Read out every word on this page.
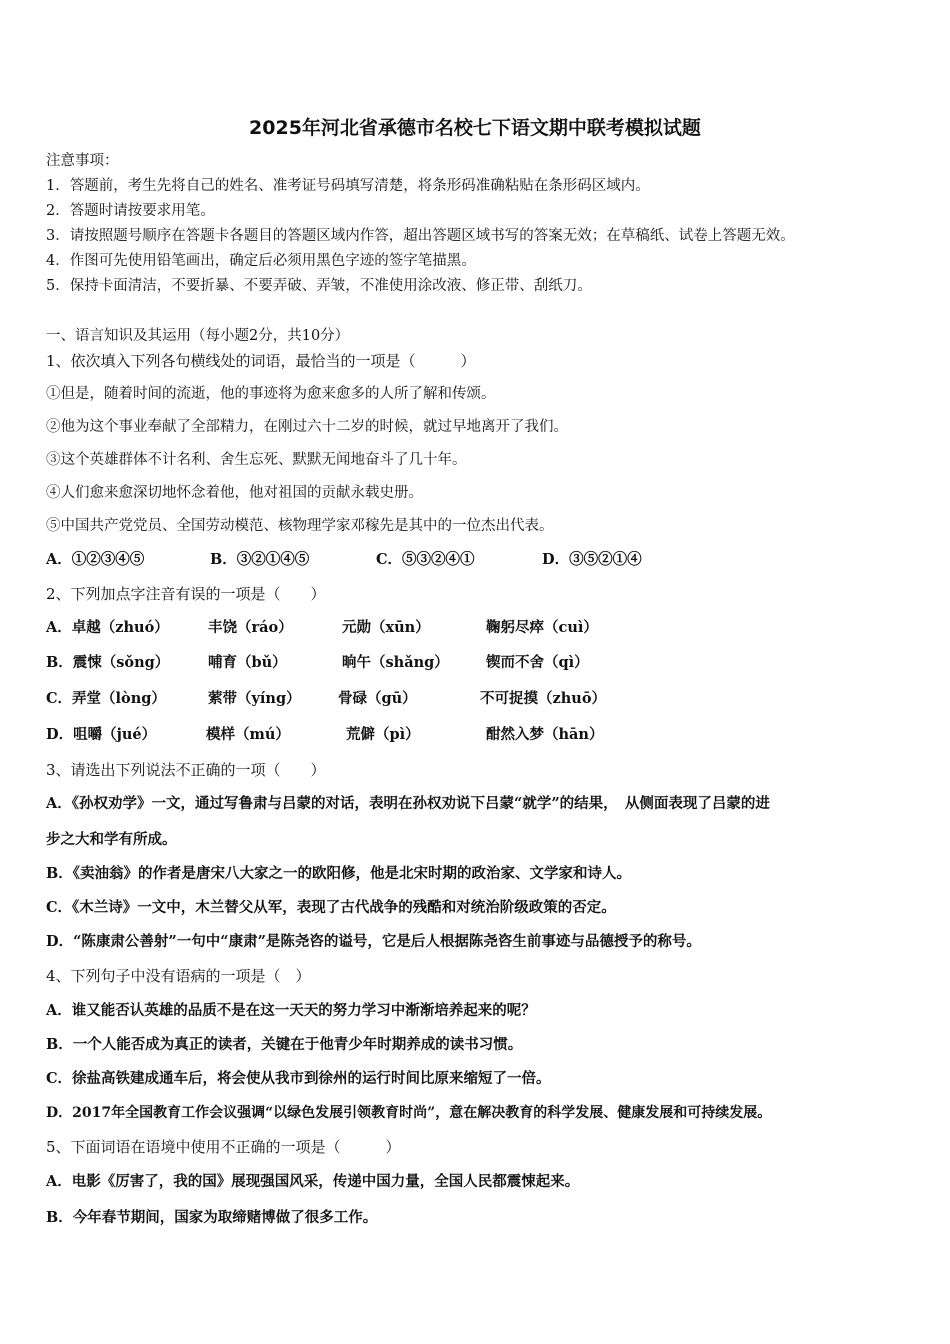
2025年河北省承德市名校七下语文期中联考模拟试题
注意事项：
1．答题前，考生先将自己的姓名、准考证号码填写清楚，将条形码准确粘贴在条形码区域内。
2．答题时请按要求用笔。
3．请按照题号顺序在答题卡各题目的答题区域内作答，超出答题区域书写的答案无效；在草稿纸、试卷上答题无效。
4．作图可先使用铅笔画出，确定后必须用黑色字迹的签字笔描黑。
5．保持卡面清洁，不要折暴、不要弄破、弄皱，不准使用涂改液、修正带、刮纸刀。
一、语言知识及其运用（每小题2分，共10分）
1、依次填入下列各句横线处的词语，最恰当的一项是（　　　）
①但是，随着时间的流逝，他的事迹将为愈来愈多的人所了解和传颂。
②他为这个事业奉献了全部精力，在刚过六十二岁的时候，就过早地离开了我们。
③这个英雄群体不计名利、舍生忘死、默默无闻地奋斗了几十年。
④人们愈来愈深切地怀念着他，他对祖国的贡献永载史册。
⑤中国共产党党员、全国劳动模范、核物理学家邓稼先是其中的一位杰出代表。
A．①②③④⑤	B．③②①④⑤	C．⑤③②④①	D．③⑤②①④
2、下列加点字注音有误的一项是（　　）
A．卓越（zhuó）	丰饶（ráo）	元勋（xūn）	鞠躬尽瘁（cuì）
B．震悚（sǒng）	哺育（bǔ）	晌午（shǎng）	锲而不舍（qì）
C．弄堂（lòng）	萦带（yíng）	骨碌（gū）	不可捉摸（zhuō）
D．咀嚼（jué）	模样（mú）	荒僻（pì）	酣然入梦（hān）
3、请选出下列说法不正确的一项（　　）
A．《孙权劝学》一文，通过写鲁肃与吕蒙的对话，表明在孙权劝说下吕蒙“就学”的结果，　从侧面表现了吕蒙的进
步之大和学有所成。
B．《卖油翁》的作者是唐宋八大家之一的欧阳修，他是北宋时期的政治家、文学家和诗人。
C．《木兰诗》一文中，木兰替父从军，表现了古代战争的残酷和对统治阶级政策的否定。
D．“陈康肃公善射”一句中“康肃”是陈尧咨的谥号，它是后人根据陈尧咨生前事迹与品德授予的称号。
4、下列句子中没有语病的一项是（　）
A．谁又能否认英雄的品质不是在这一天天的努力学习中渐渐培养起来的呢？
B．一个人能否成为真正的读者，关键在于他青少年时期养成的读书习惯。
C．徐盐高铁建成通车后，将会使从我市到徐州的运行时间比原来缩短了一倍。
D．2017年全国教育工作会议强调“以绿色发展引领教育时尚”，意在解决教育的科学发展、健康发展和可持续发展。
5、下面词语在语境中使用不正确的一项是（　　　）
A．电影《厉害了，我的国》展现强国风采，传递中国力量，全国人民都震悚起来。
B．今年春节期间，国家为取缔赌博做了很多工作。
